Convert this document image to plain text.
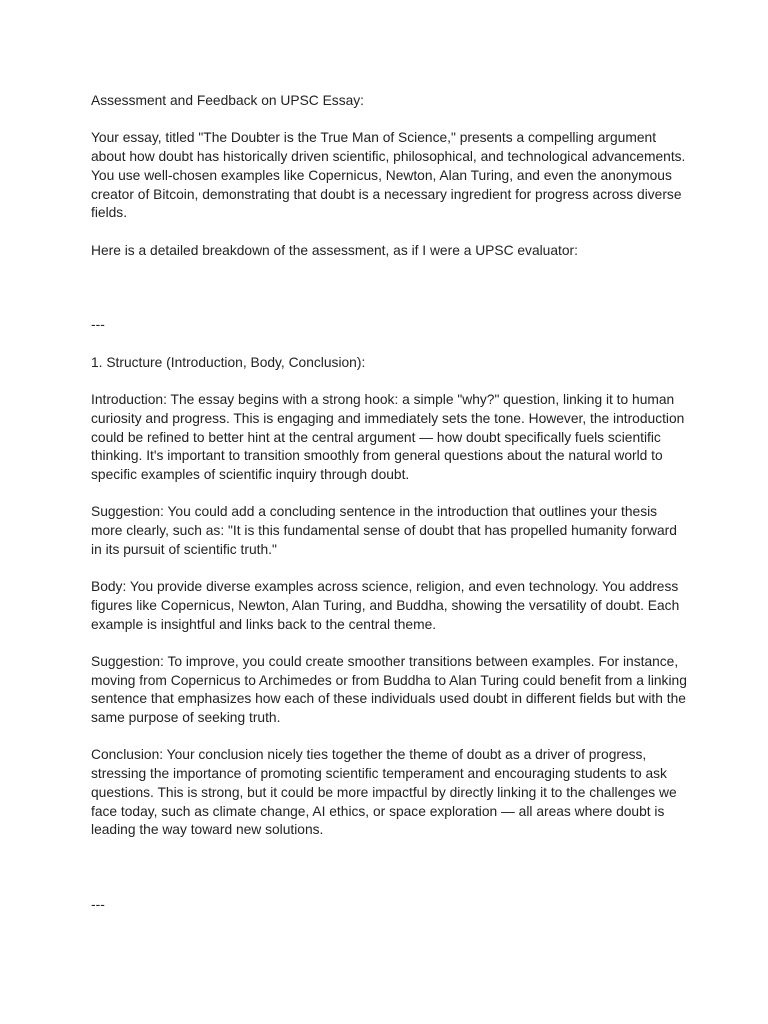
Assessment and Feedback on UPSC Essay:

Your essay, titled "The Doubter is the True Man of Science," presents a compelling argument about how doubt has historically driven scientific, philosophical, and technological advancements. You use well-chosen examples like Copernicus, Newton, Alan Turing, and even the anonymous creator of Bitcoin, demonstrating that doubt is a necessary ingredient for progress across diverse fields.

Here is a detailed breakdown of the assessment, as if I were a UPSC evaluator:

---

1. Structure (Introduction, Body, Conclusion):

Introduction: The essay begins with a strong hook: a simple "why?" question, linking it to human curiosity and progress. This is engaging and immediately sets the tone. However, the introduction could be refined to better hint at the central argument — how doubt specifically fuels scientific thinking. It's important to transition smoothly from general questions about the natural world to specific examples of scientific inquiry through doubt.

Suggestion: You could add a concluding sentence in the introduction that outlines your thesis more clearly, such as: "It is this fundamental sense of doubt that has propelled humanity forward in its pursuit of scientific truth."

Body: You provide diverse examples across science, religion, and even technology. You address figures like Copernicus, Newton, Alan Turing, and Buddha, showing the versatility of doubt. Each example is insightful and links back to the central theme.

Suggestion: To improve, you could create smoother transitions between examples. For instance, moving from Copernicus to Archimedes or from Buddha to Alan Turing could benefit from a linking sentence that emphasizes how each of these individuals used doubt in different fields but with the same purpose of seeking truth.

Conclusion: Your conclusion nicely ties together the theme of doubt as a driver of progress, stressing the importance of promoting scientific temperament and encouraging students to ask questions. This is strong, but it could be more impactful by directly linking it to the challenges we face today, such as climate change, AI ethics, or space exploration — all areas where doubt is leading the way toward new solutions.

---
